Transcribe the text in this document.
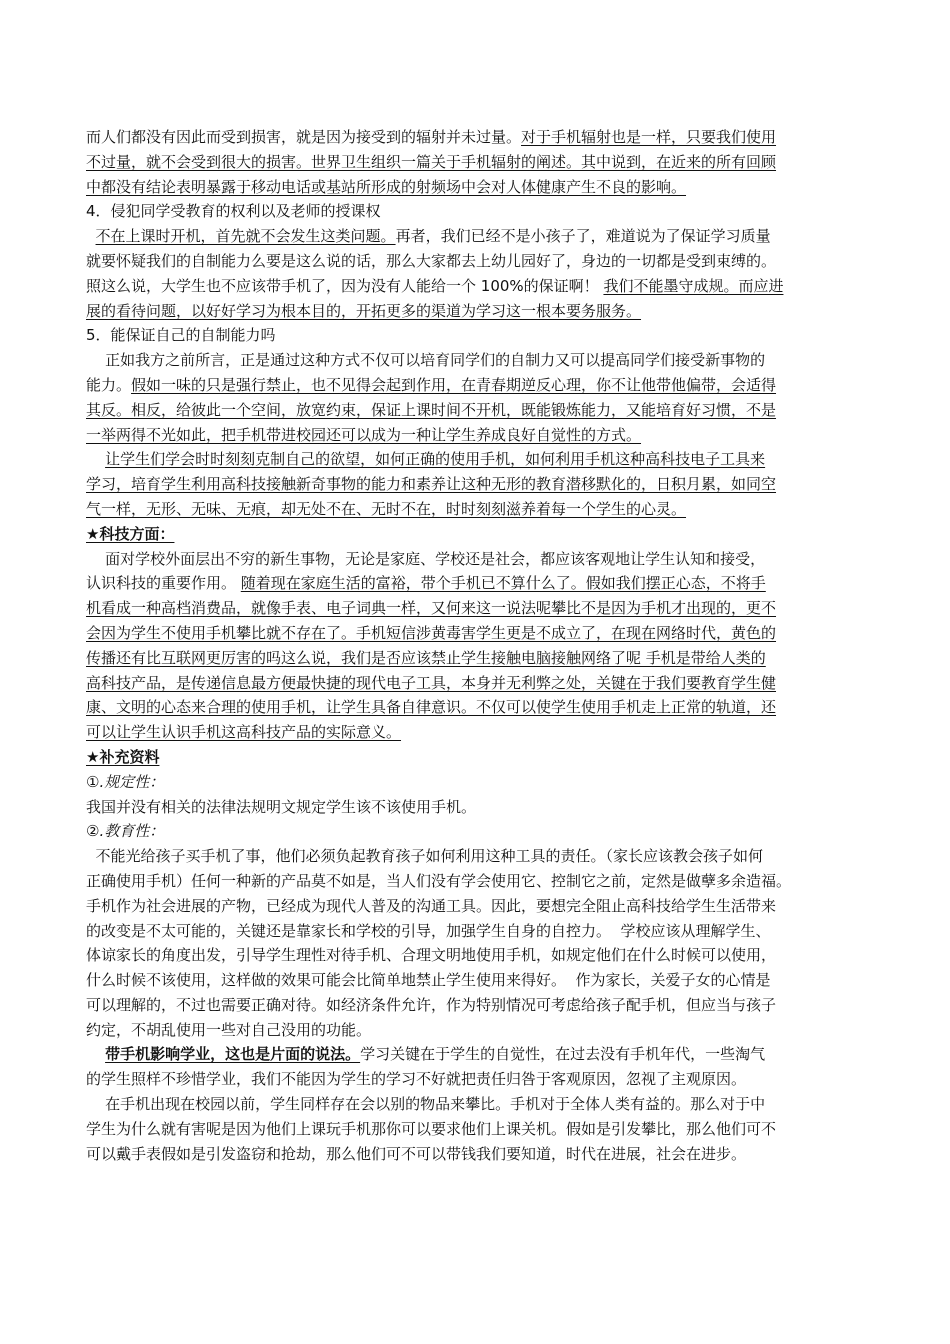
而人们都没有因此而受到损害，就是因为接受到的辐射并未过量。对于手机辐射也是一样，只要我们使用

不过量，就不会受到很大的损害。世界卫生组织一篇关于手机辐射的阐述。其中说到，在近来的所有回顾

中都没有结论表明暴露于移动电话或基站所形成的射频场中会对人体健康产生不良的影响。

4．侵犯同学受教育的权利以及老师的授课权

不在上课时开机，首先就不会发生这类问题。再者，我们已经不是小孩子了，难道说为了保证学习质量

就要怀疑我们的自制能力么要是这么说的话，那么大家都去上幼儿园好了，身边的一切都是受到束缚的。

照这么说，大学生也不应该带手机了，因为没有人能给一个 100%的保证啊！ 我们不能墨守成规。而应进

展的看待问题，以好好学习为根本目的，开拓更多的渠道为学习这一根本要务服务。

5．能保证自己的自制能力吗

正如我方之前所言，正是通过这种方式不仅可以培育同学们的自制力又可以提高同学们接受新事物的

能力。假如一味的只是强行禁止，也不见得会起到作用，在青春期逆反心理，你不让他带他偏带，会适得

其反。相反，给彼此一个空间，放宽约束，保证上课时间不开机，既能锻炼能力，又能培育好习惯，不是

一举两得不光如此，把手机带进校园还可以成为一种让学生养成良好自觉性的方式。

让学生们学会时时刻刻克制自己的欲望，如何正确的使用手机，如何利用手机这种高科技电子工具来

学习，培育学生利用高科技接触新奇事物的能力和素养让这种无形的教育潜移默化的，日积月累，如同空

气一样，无形、无味、无痕，却无处不在、无时不在，时时刻刻滋养着每一个学生的心灵。

★科技方面：

面对学校外面层出不穷的新生事物，无论是家庭、学校还是社会，都应该客观地让学生认知和接受，

认识科技的重要作用。 随着现在家庭生活的富裕，带个手机已不算什么了。假如我们摆正心态，不将手

机看成一种高档消费品，就像手表、电子词典一样，又何来这一说法呢攀比不是因为手机才出现的，更不

会因为学生不使用手机攀比就不存在了。手机短信涉黄毒害学生更是不成立了，在现在网络时代，黄色的

传播还有比互联网更厉害的吗这么说，我们是否应该禁止学生接触电脑接触网络了呢 手机是带给人类的

高科技产品，是传递信息最方便最快捷的现代电子工具，本身并无利弊之处，关键在于我们要教育学生健

康、文明的心态来合理的使用手机，让学生具备自律意识。不仅可以使学生使用手机走上正常的轨道，还

可以让学生认识手机这高科技产品的实际意义。

★补充资料

①.规定性：

我国并没有相关的法律法规明文规定学生该不该使用手机。

②.教育性：

不能光给孩子买手机了事，他们必须负起教育孩子如何利用这种工具的责任。（家长应该教会孩子如何

正确使用手机）任何一种新的产品莫不如是，当人们没有学会使用它、控制它之前，定然是做孽多余造福。

手机作为社会进展的产物，已经成为现代人普及的沟通工具。因此，要想完全阻止高科技给学生生活带来

的改变是不太可能的，关键还是靠家长和学校的引导，加强学生自身的自控力。  学校应该从理解学生、

体谅家长的角度出发，引导学生理性对待手机、合理文明地使用手机，如规定他们在什么时候可以使用，

什么时候不该使用，这样做的效果可能会比简单地禁止学生使用来得好。  作为家长，关爱子女的心情是

可以理解的，不过也需要正确对待。如经济条件允许，作为特别情况可考虑给孩子配手机，但应当与孩子

约定，不胡乱使用一些对自己没用的功能。

带手机影响学业，这也是片面的说法。学习关键在于学生的自觉性，在过去没有手机年代，一些淘气

的学生照样不珍惜学业，我们不能因为学生的学习不好就把责任归咎于客观原因，忽视了主观原因。

在手机出现在校园以前，学生同样存在会以别的物品来攀比。手机对于全体人类有益的。那么对于中

学生为什么就有害呢是因为他们上课玩手机那你可以要求他们上课关机。假如是引发攀比，那么他们可不

可以戴手表假如是引发盗窃和抢劫，那么他们可不可以带钱我们要知道，时代在进展，社会在进步。
